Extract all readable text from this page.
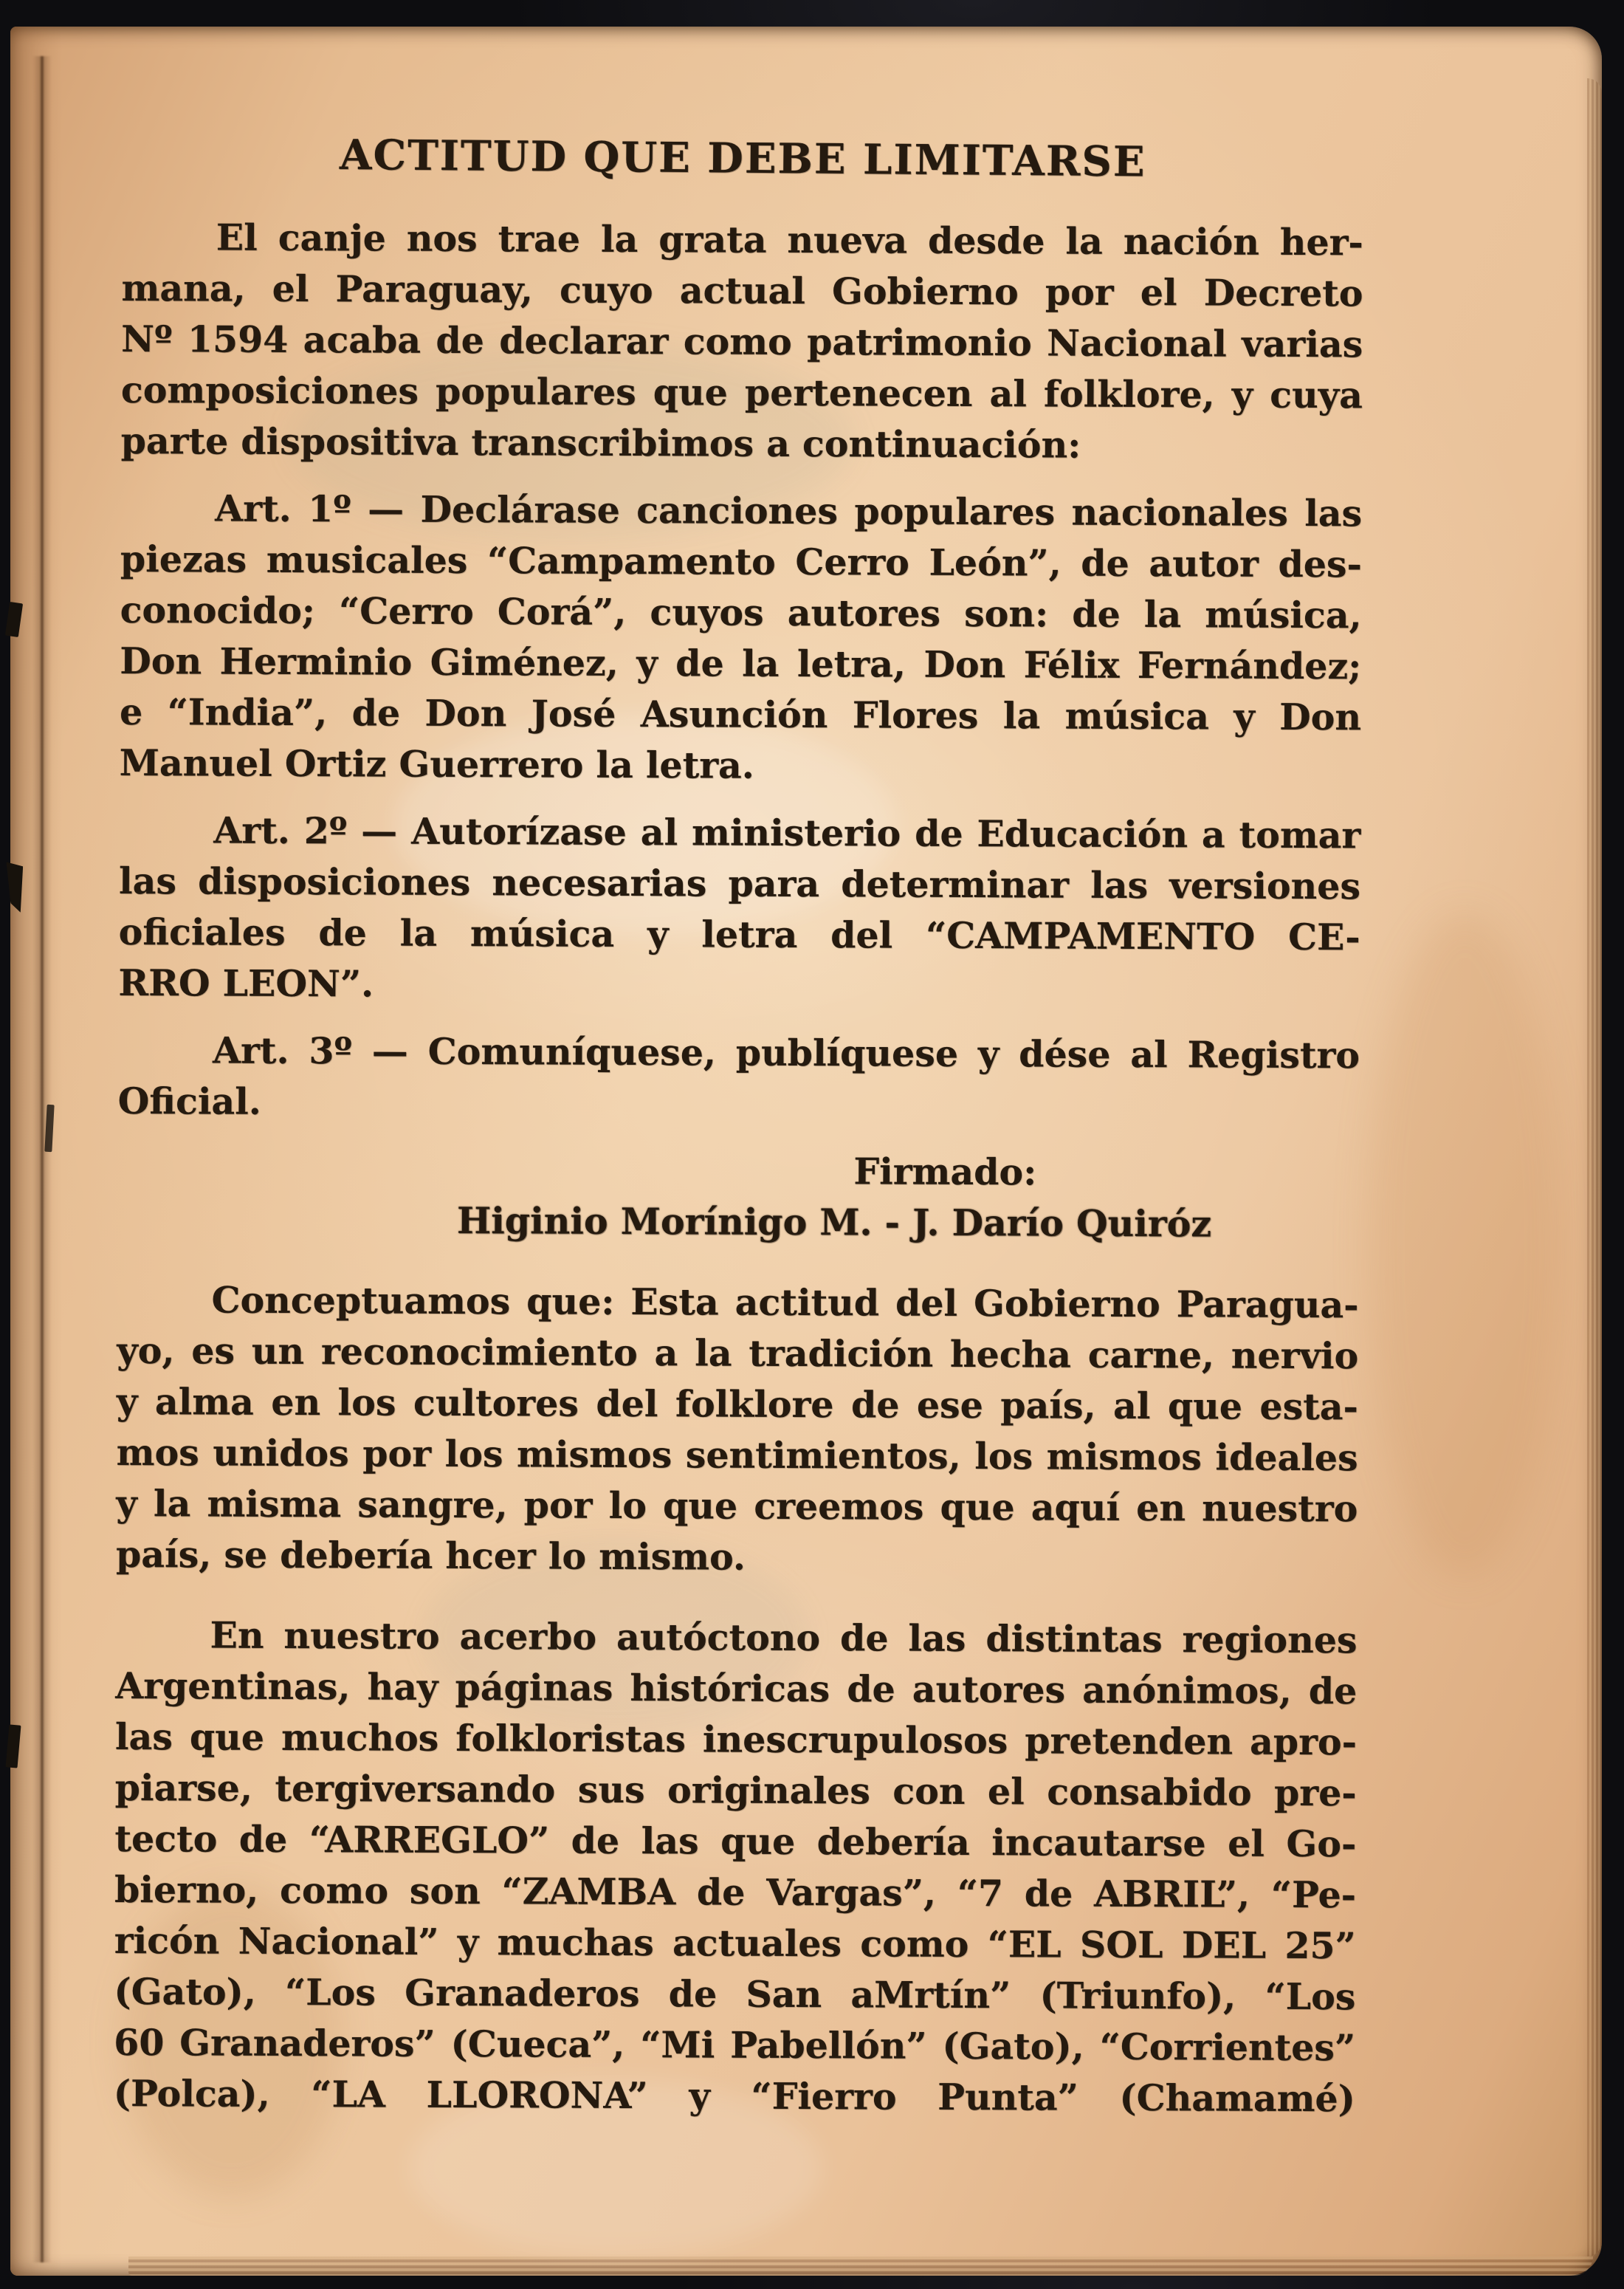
ACTITUD QUE DEBE LIMITARSE
El canje nos trae la grata nueva desde la nación her-
mana, el Paraguay, cuyo actual Gobierno por el Decreto
Nº 1594 acaba de declarar como patrimonio Nacional varias
composiciones populares que pertenecen al folklore, y cuya
parte dispositiva transcribimos a continuación:
Art. 1º — Declárase canciones populares nacionales las
piezas musicales “Campamento Cerro León”, de autor des-
conocido; “Cerro Corá”, cuyos autores son: de la música,
Don Herminio Giménez, y de la letra, Don Félix Fernández;
e “India”, de Don José Asunción Flores la música y Don
Manuel Ortiz Guerrero la letra.
Art. 2º — Autorízase al ministerio de Educación a tomar
las disposiciones necesarias para determinar las versiones
oficiales de la música y letra del “CAMPAMENTO CE-
RRO LEON”.
Art. 3º — Comuníquese, publíquese y dése al Registro
Oficial.
Firmado:
Higinio Morínigo M. - J. Darío Quiróz
Conceptuamos que: Esta actitud del Gobierno Paragua-
yo, es un reconocimiento a la tradición hecha carne, nervio
y alma en los cultores del folklore de ese país, al que esta-
mos unidos por los mismos sentimientos, los mismos ideales
y la misma sangre, por lo que creemos que aquí en nuestro
país, se debería hcer lo mismo.
En nuestro acerbo autóctono de las distintas regiones
Argentinas, hay páginas históricas de autores anónimos, de
las que muchos folkloristas inescrupulosos pretenden apro-
piarse, tergiversando sus originales con el consabido pre-
tecto de “ARREGLO” de las que debería incautarse el Go-
bierno, como son “ZAMBA de Vargas”, “7 de ABRIL”, “Pe-
ricón Nacional” y muchas actuales como “EL SOL DEL 25”
(Gato), “Los Granaderos de San aMrtín” (Triunfo), “Los
60 Granaderos” (Cueca”, “Mi Pabellón” (Gato), “Corrientes”
(Polca), “LA LLORONA” y “Fierro Punta” (Chamamé)
